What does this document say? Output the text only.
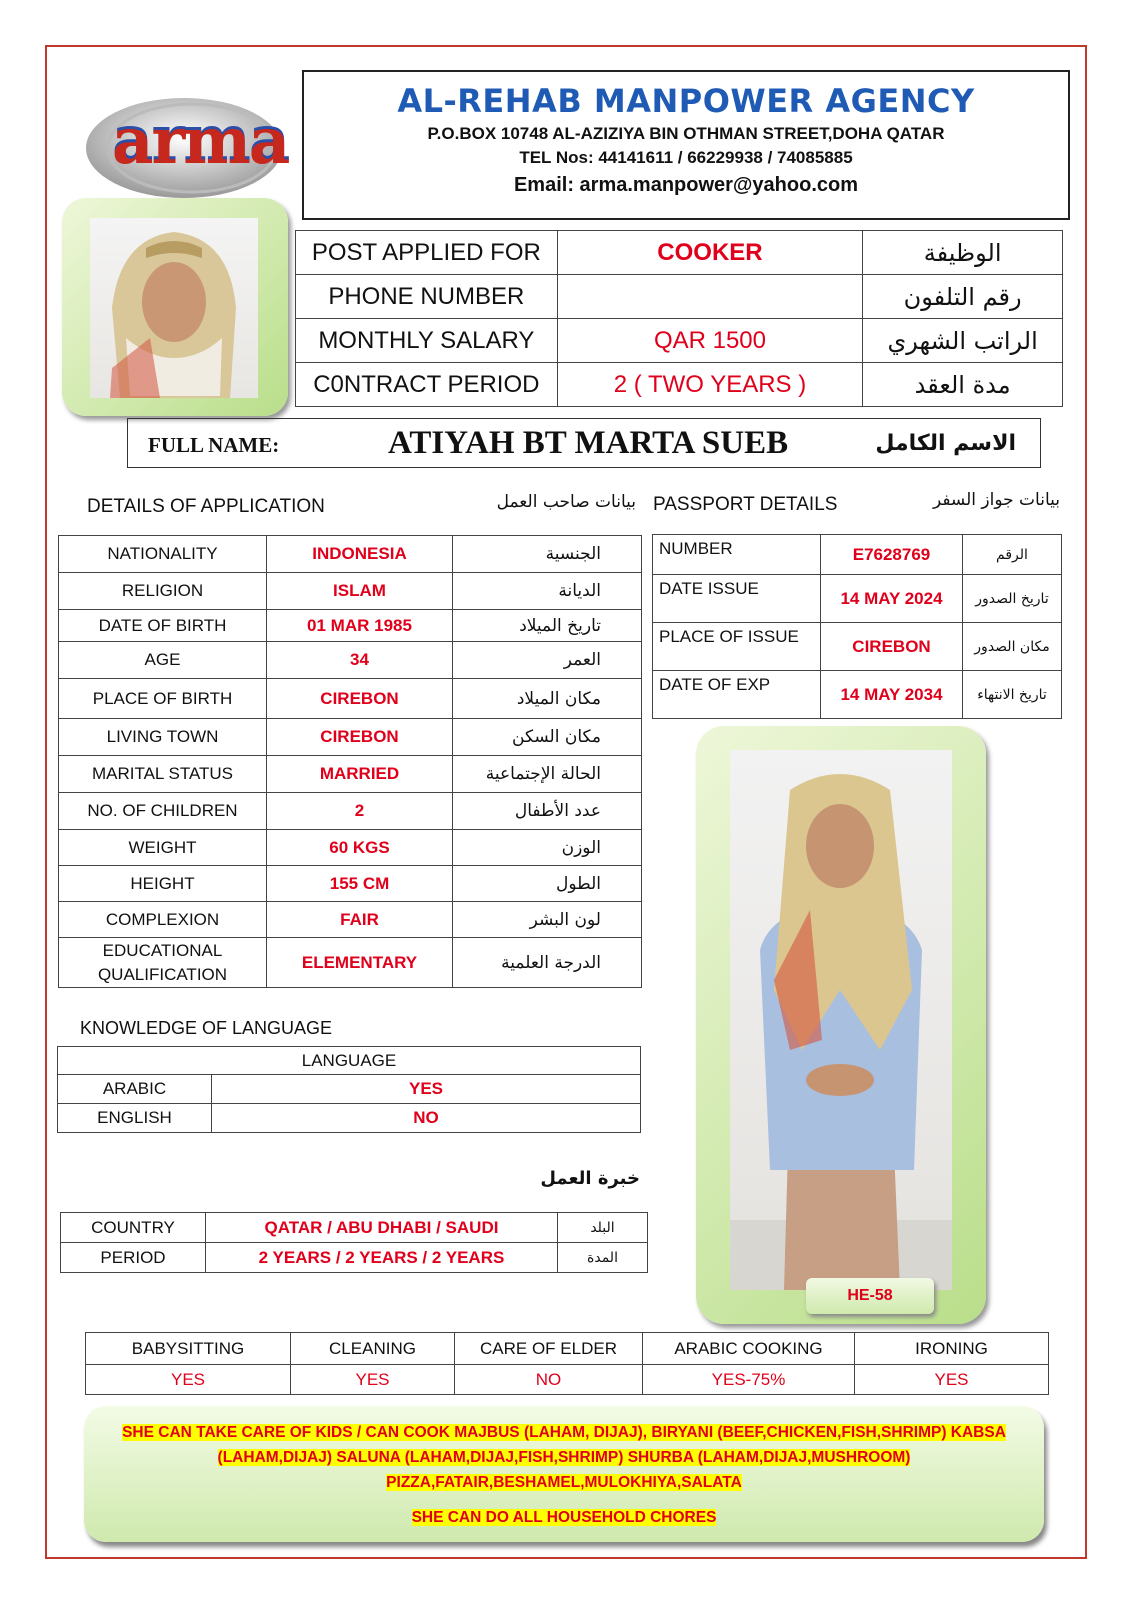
arma
AL-REHAB MANPOWER AGENCY
P.O.BOX 10748 AL-AZIZIYA BIN OTHMAN STREET,DOHA QATAR
TEL Nos: 44141611 / 66229938 / 74085885
Email: arma.manpower@yahoo.com
POST APPLIED FOR	COOKER	الوظيفة
PHONE NUMBER		رقم التلفون
MONTHLY SALARY	QAR 1500	الراتب الشهري
C0NTRACT PERIOD	2 ( TWO YEARS )	مدة العقد
FULL NAME:	ATIYAH BT MARTA SUEB	الاسم الكامل
DETAILS OF APPLICATION	بيانات صاحب العمل PASSPORT DETAILS	بيانات جواز السفر
NATIONALITY	INDONESIA	الجنسية
RELIGION	ISLAM	الديانة
DATE OF BIRTH	01 MAR 1985	تاريخ الميلاد
AGE	34	العمر
PLACE OF BIRTH	CIREBON	مكان الميلاد
LIVING TOWN	CIREBON	مكان السكن
MARITAL STATUS	MARRIED	الحالة الإجتماعية
NO. OF CHILDREN	2	عدد الأطفال
WEIGHT	60 KGS	الوزن
HEIGHT	155 CM	الطول
COMPLEXION	FAIR	لون البشر
EDUCATIONAL QUALIFICATION	ELEMENTARY	الدرجة العلمية
NUMBER	E7628769	الرقم
DATE ISSUE	14 MAY 2024	تاريخ الصدور
PLACE OF ISSUE	CIREBON	مكان الصدور
DATE OF EXP	14 MAY 2034	تاريخ الانتهاء
HE-58
KNOWLEDGE OF LANGUAGE
LANGUAGE	
ARABIC	YES
ENGLISH	NO
خبرة العمل
COUNTRY	QATAR / ABU DHABI / SAUDI	البلد
PERIOD	2 YEARS / 2 YEARS / 2 YEARS	المدة
BABYSITTING	CLEANING	CARE OF ELDER	ARABIC COOKING	IRONING
YES	YES	NO	YES-75%	YES
SHE CAN TAKE CARE OF KIDS / CAN COOK MAJBUS (LAHAM, DIJAJ), BIRYANI (BEEF,CHICKEN,FISH,SHRIMP) KABSA
(LAHAM,DIJAJ) SALUNA (LAHAM,DIJAJ,FISH,SHRIMP) SHURBA (LAHAM,DIJAJ,MUSHROOM)
PIZZA,FATAIR,BESHAMEL,MULOKHIYA,SALATA
SHE CAN DO ALL HOUSEHOLD CHORES
